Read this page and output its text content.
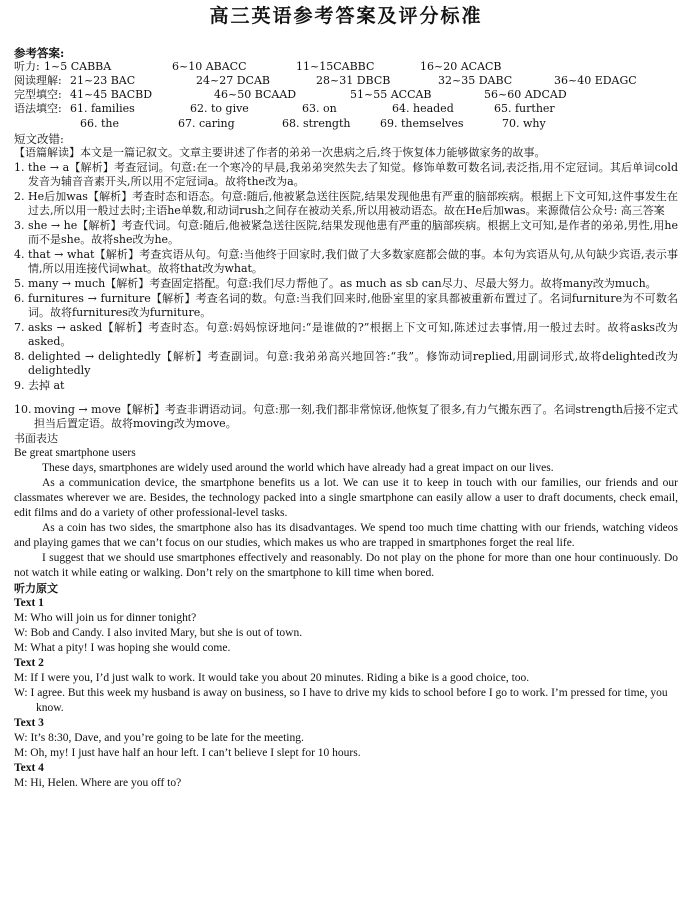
高三英语参考答案及评分标准
参考答案:
听力: 1~5 CABBA	6~10 ABACC	11~15CABBC	16~20 ACACB
阅读理解: 21~23 BAC	24~27 DCAB	28~31 DBCB	32~35 DABC	36~40 EDAGC
完型填空: 41~45 BACBD	46~50 BCAAD	51~55 ACCAB	56~60 ADCAD
语法填空: 61. families	62. to give	63. on	64. headed	65. further
66. the	67. caring	68. strength	69. themselves	70. why
短文改错:

【语篇解读】本文是一篇记叙文。文章主要讲述了作者的弟弟一次患病之后,终于恢复体力能够做家务的故事。

1. the → a【解析】考查冠词。句意:在一个寒冷的早晨,我弟弟突然失去了知觉。修饰单数可数名词,表泛指,用不定冠词。其后单词cold发音为辅音音素开头,所以用不定冠词a。故将the改为a。
2. He后加was【解析】考查时态和语态。句意:随后,他被紧急送往医院,结果发现他患有严重的脑部疾病。根据上下文可知,这件事发生在过去,所以用一般过去时;主语he单数,和动词rush之间存在被动关系,所以用被动语态。故在He后加was。来源微信公众号: 高三答案
3. she → he【解析】考查代词。句意:随后,他被紧急送往医院,结果发现他患有严重的脑部疾病。根据上文可知,是作者的弟弟,男性,用he而不是she。故将she改为he。
4. that → what【解析】考查宾语从句。句意:当他终于回家时,我们做了大多数家庭都会做的事。本句为宾语从句,从句缺少宾语,表示事情,所以用连接代词what。故将that改为what。
5. many → much【解析】考查固定搭配。句意:我们尽力帮他了。as much as sb can尽力、尽最大努力。故将many改为much。
6. furnitures → furniture【解析】考查名词的数。句意:当我们回来时,他卧室里的家具都被重新布置过了。名词furniture为不可数名词。故将furnitures改为furniture。
7. asks → asked【解析】考查时态。句意:妈妈惊讶地问:“是谁做的?”根据上下文可知,陈述过去事情,用一般过去时。故将asks改为asked。
8. delighted → delightedly【解析】考查副词。句意:我弟弟高兴地回答:“我”。修饰动词replied,用副词形式,故将delighted改为delightedly
9. 去掉 at
10. moving → move【解析】考查非谓语动词。句意:那一刻,我们都非常惊讶,他恢复了很多,有力气搬东西了。名词strength后接不定式担当后置定语。故将moving改为move。
书面表达

Be great smartphone users

These days, smartphones are widely used around the world which have already had a great impact on our lives.

As a communication device, the smartphone benefits us a lot. We can use it to keep in touch with our families, our friends and our classmates wherever we are. Besides, the technology packed into a single smartphone can easily allow a user to draft documents, check email, edit films and do a variety of other professional-level tasks.

As a coin has two sides, the smartphone also has its disadvantages. We spend too much time chatting with our friends, watching videos and playing games that we can’t focus on our studies, which makes us who are trapped in smartphones forget the real life.

I suggest that we should use smartphones effectively and reasonably. Do not play on the phone for more than one hour continuously. Do not watch it while eating or walking. Don’t rely on the smartphone to kill time when bored.

听力原文
Text 1
M: Who will join us for dinner tonight?
W: Bob and Candy. I also invited Mary, but she is out of town.
M: What a pity! I was hoping she would come.
Text 2
M: If I were you, I’d just walk to work. It would take you about 20 minutes. Riding a bike is a good choice, too.
W: I agree. But this week my husband is away on business, so I have to drive my kids to school before I go to work. I’m pressed for time, you know.
Text 3
W: It’s 8:30, Dave, and you’re going to be late for the meeting.
M: Oh, my! I just have half an hour left. I can’t believe I slept for 10 hours.
Text 4
M: Hi, Helen. Where are you off to?
